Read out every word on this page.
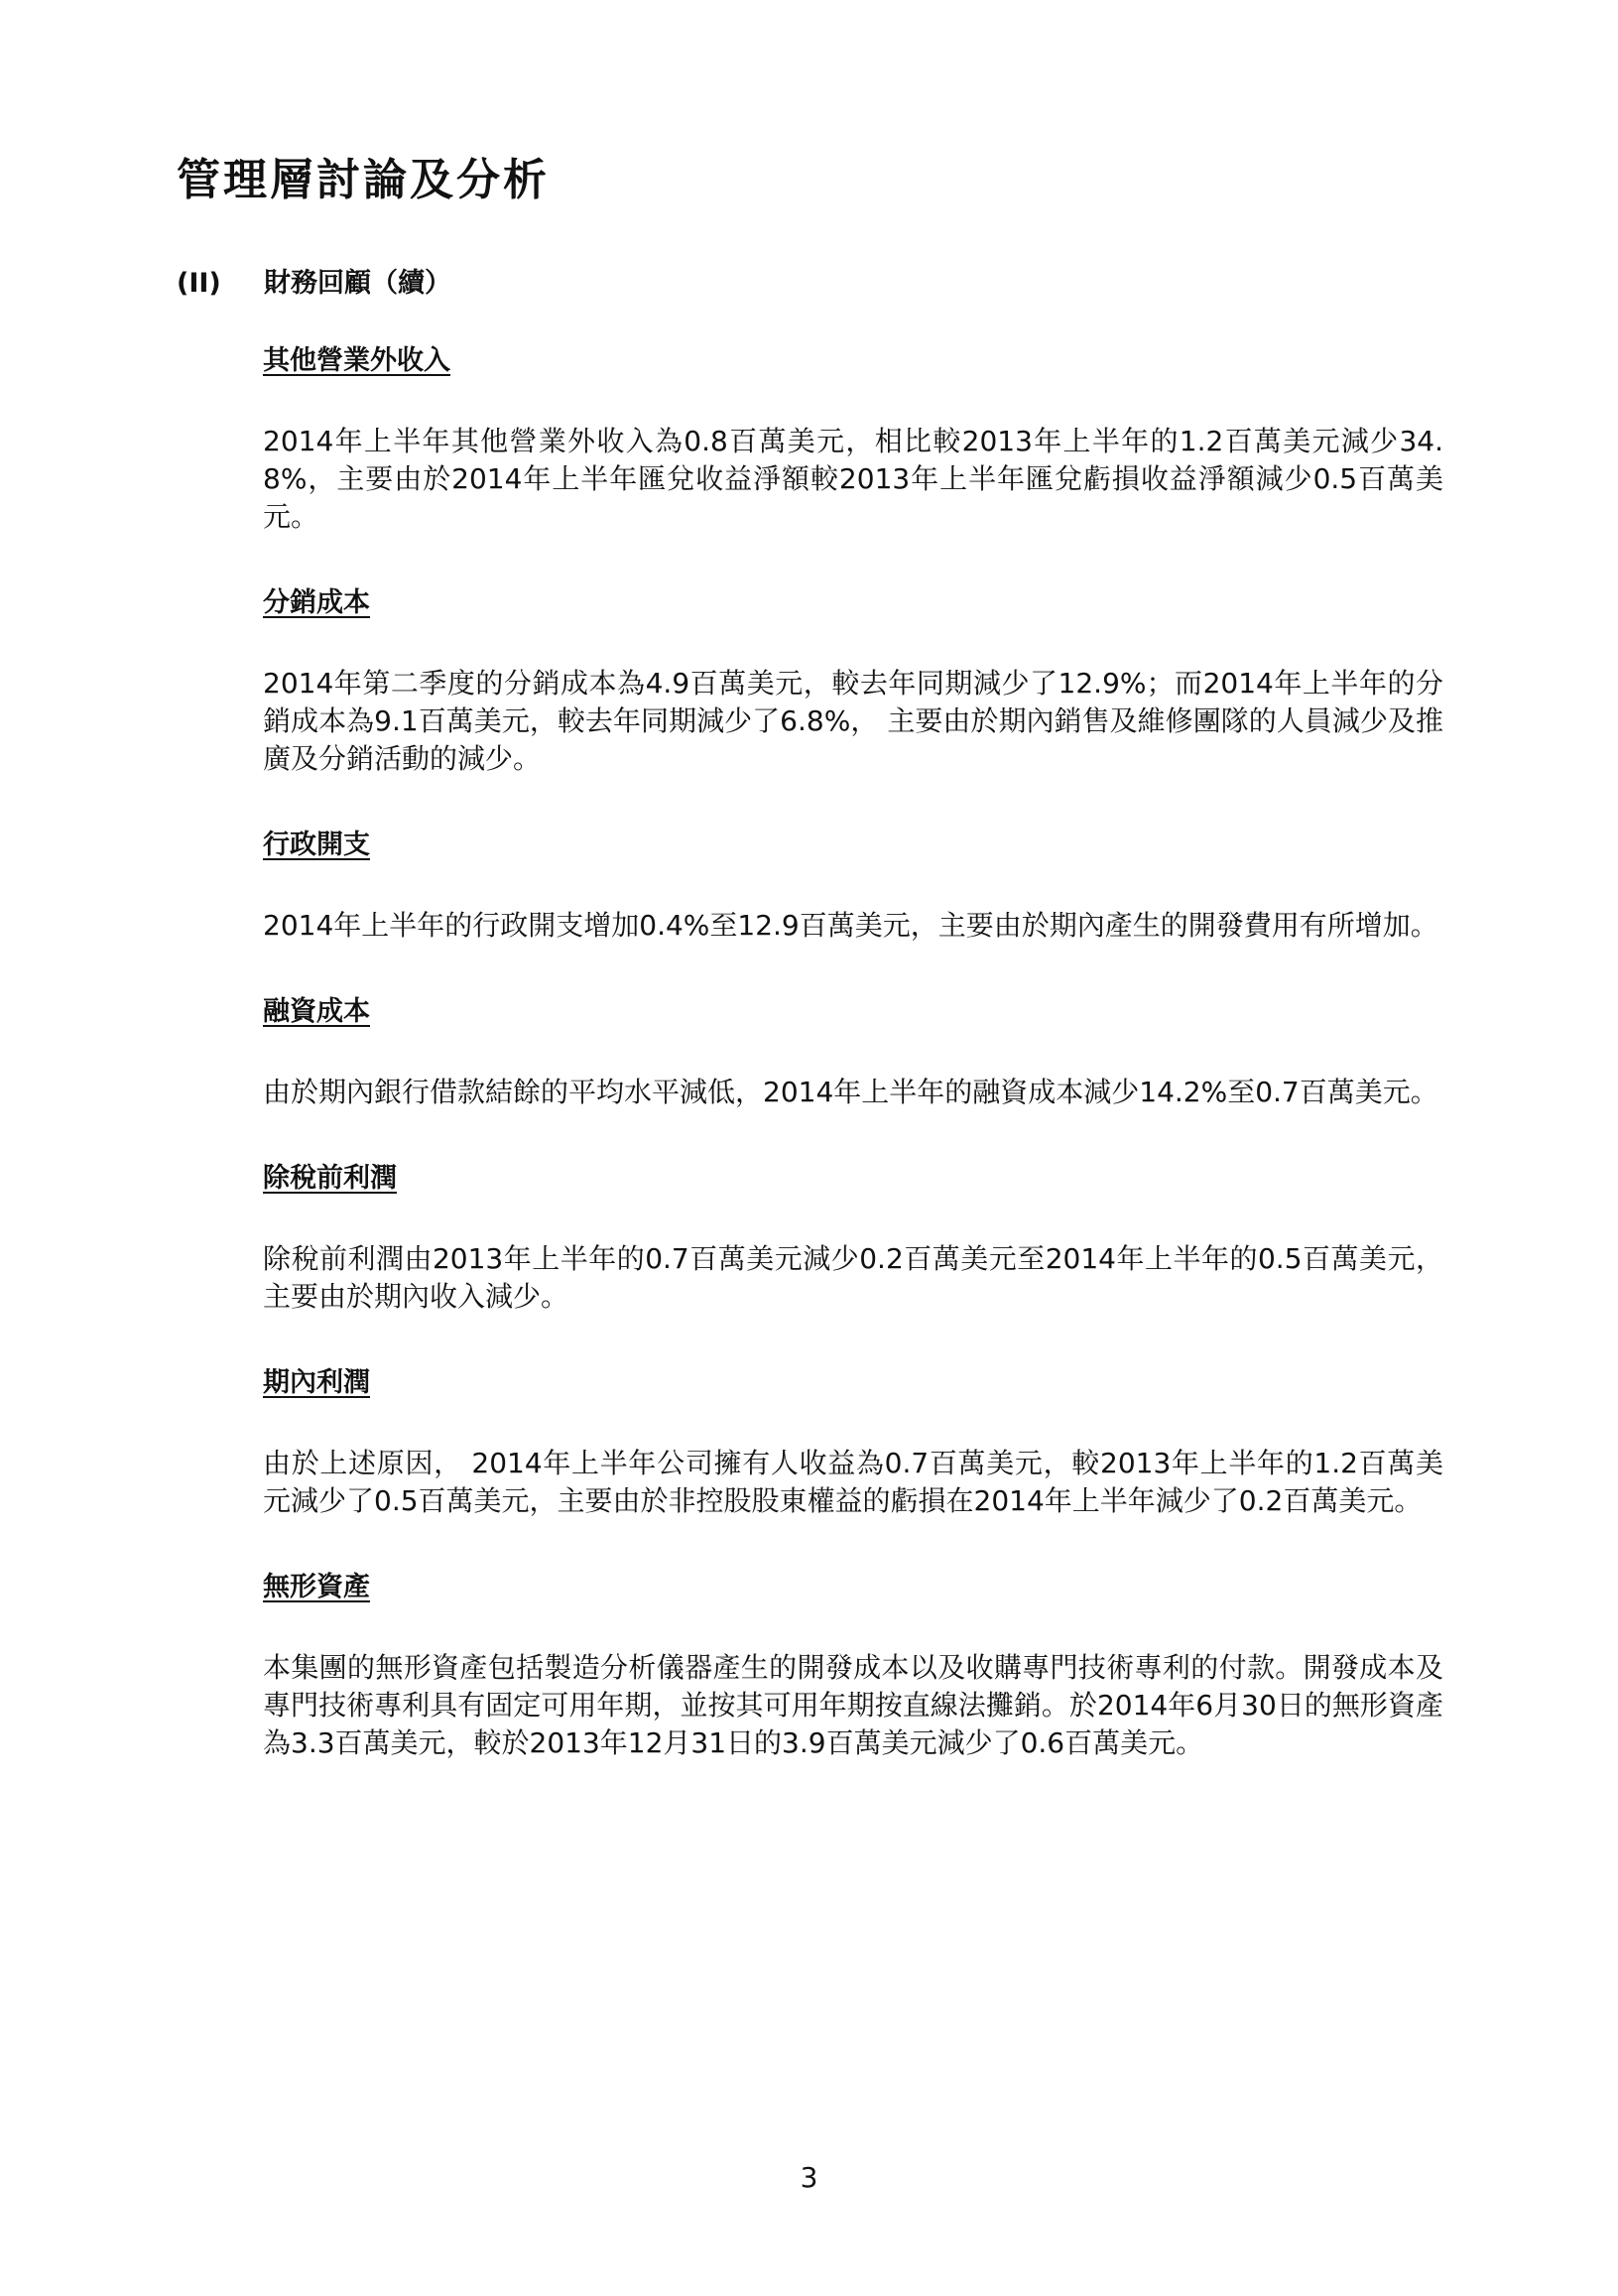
管理層討論及分析
(II) 財務回顧（續）
其他營業外收入

2014年上半年其他營業外收入為0.8百萬美元，相比較2013年上半年的1.2百萬美元減少34.8%，主要由於2014年上半年匯兌收益淨額較2013年上半年匯兌虧損收益淨額減少0.5百萬美元。

分銷成本

2014年第二季度的分銷成本為4.9百萬美元，較去年同期減少了12.9%；而2014年上半年的分銷成本為9.1百萬美元，較去年同期減少了6.8%， 主要由於期內銷售及維修團隊的人員減少及推廣及分銷活動的減少。

行政開支

2014年上半年的行政開支增加0.4%至12.9百萬美元，主要由於期內產生的開發費用有所增加。

融資成本

由於期內銀行借款結餘的平均水平減低，2014年上半年的融資成本減少14.2%至0.7百萬美元。

除稅前利潤

除稅前利潤由2013年上半年的0.7百萬美元減少0.2百萬美元至2014年上半年的0.5百萬美元，主要由於期內收入減少。

期內利潤

由於上述原因， 2014年上半年公司擁有人收益為0.7百萬美元，較2013年上半年的1.2百萬美元減少了0.5百萬美元，主要由於非控股股東權益的虧損在2014年上半年減少了0.2百萬美元。

無形資產

本集團的無形資產包括製造分析儀器產生的開發成本以及收購專門技術專利的付款。開發成本及專門技術專利具有固定可用年期，並按其可用年期按直線法攤銷。於2014年6月30日的無形資產為3.3百萬美元，較於2013年12月31日的3.9百萬美元減少了0.6百萬美元。

3
